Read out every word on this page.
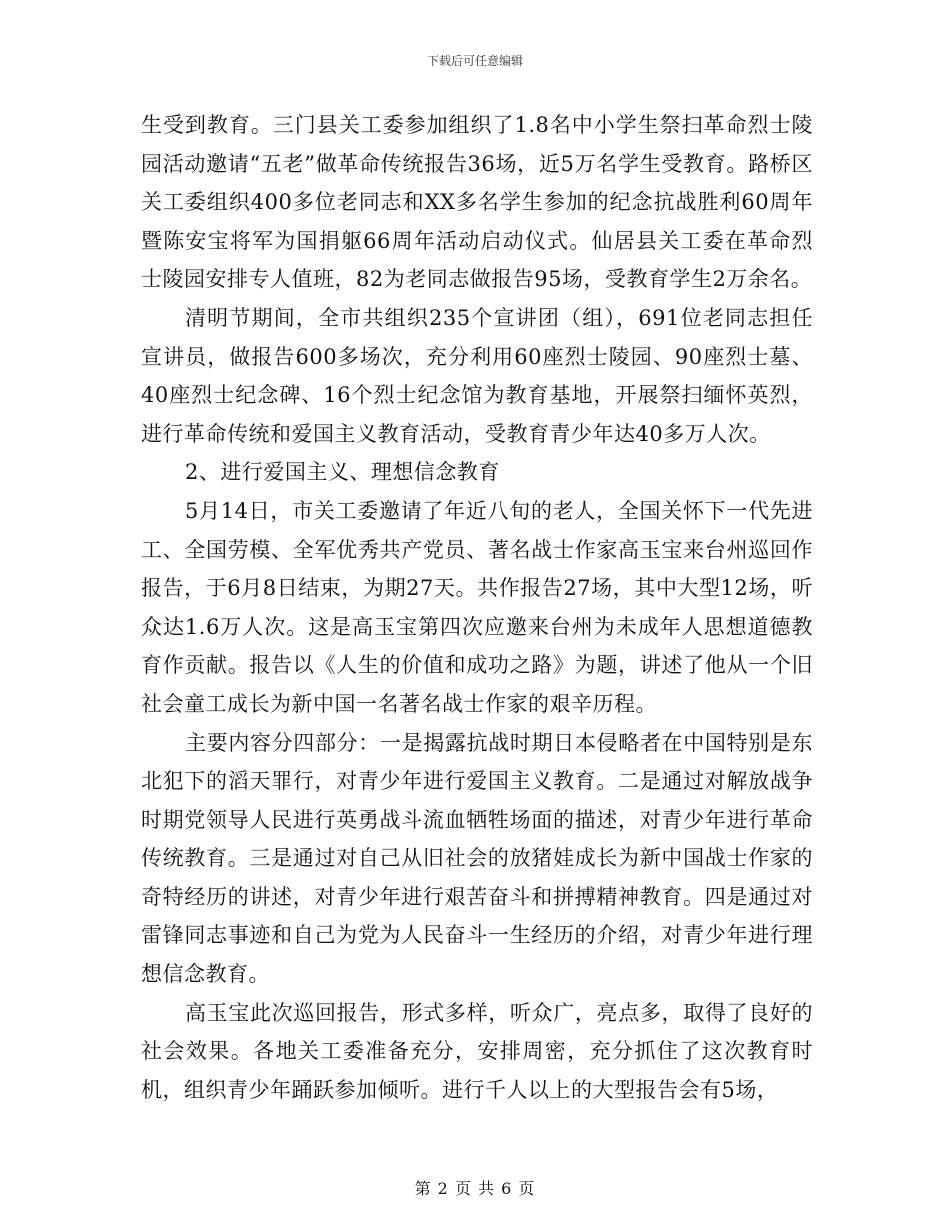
下载后可任意编辑

生受到教育。三门县关工委参加组织了1.8名中小学生祭扫革命烈士陵园活动邀请“五老”做革命传统报告36场，近5万名学生受教育。路桥区关工委组织400多位老同志和XX多名学生参加的纪念抗战胜利60周年暨陈安宝将军为国捐躯66周年活动启动仪式。仙居县关工委在革命烈士陵园安排专人值班，82为老同志做报告95场，受教育学生2万余名。

清明节期间，全市共组织235个宣讲团（组），691位老同志担任宣讲员，做报告600多场次，充分利用60座烈士陵园、90座烈士墓、40座烈士纪念碑、16个烈士纪念馆为教育基地，开展祭扫缅怀英烈，进行革命传统和爱国主义教育活动，受教育青少年达40多万人次。

2、进行爱国主义、理想信念教育

5月14日，市关工委邀请了年近八旬的老人，全国关怀下一代先进工、全国劳模、全军优秀共产党员、著名战士作家高玉宝来台州巡回作报告，于6月8日结束，为期27天。共作报告27场，其中大型12场，听众达1.6万人次。这是高玉宝第四次应邀来台州为未成年人思想道德教育作贡献。报告以《人生的价值和成功之路》为题，讲述了他从一个旧社会童工成长为新中国一名著名战士作家的艰辛历程。

主要内容分四部分：一是揭露抗战时期日本侵略者在中国特别是东北犯下的滔天罪行，对青少年进行爱国主义教育。二是通过对解放战争时期党领导人民进行英勇战斗流血牺牲场面的描述，对青少年进行革命传统教育。三是通过对自己从旧社会的放猪娃成长为新中国战士作家的奇特经历的讲述，对青少年进行艰苦奋斗和拼搏精神教育。四是通过对雷锋同志事迹和自己为党为人民奋斗一生经历的介绍，对青少年进行理想信念教育。

高玉宝此次巡回报告，形式多样，听众广，亮点多，取得了良好的社会效果。各地关工委准备充分，安排周密，充分抓住了这次教育时机，组织青少年踊跃参加倾听。进行千人以上的大型报告会有5场，

第 2 页 共 6 页
